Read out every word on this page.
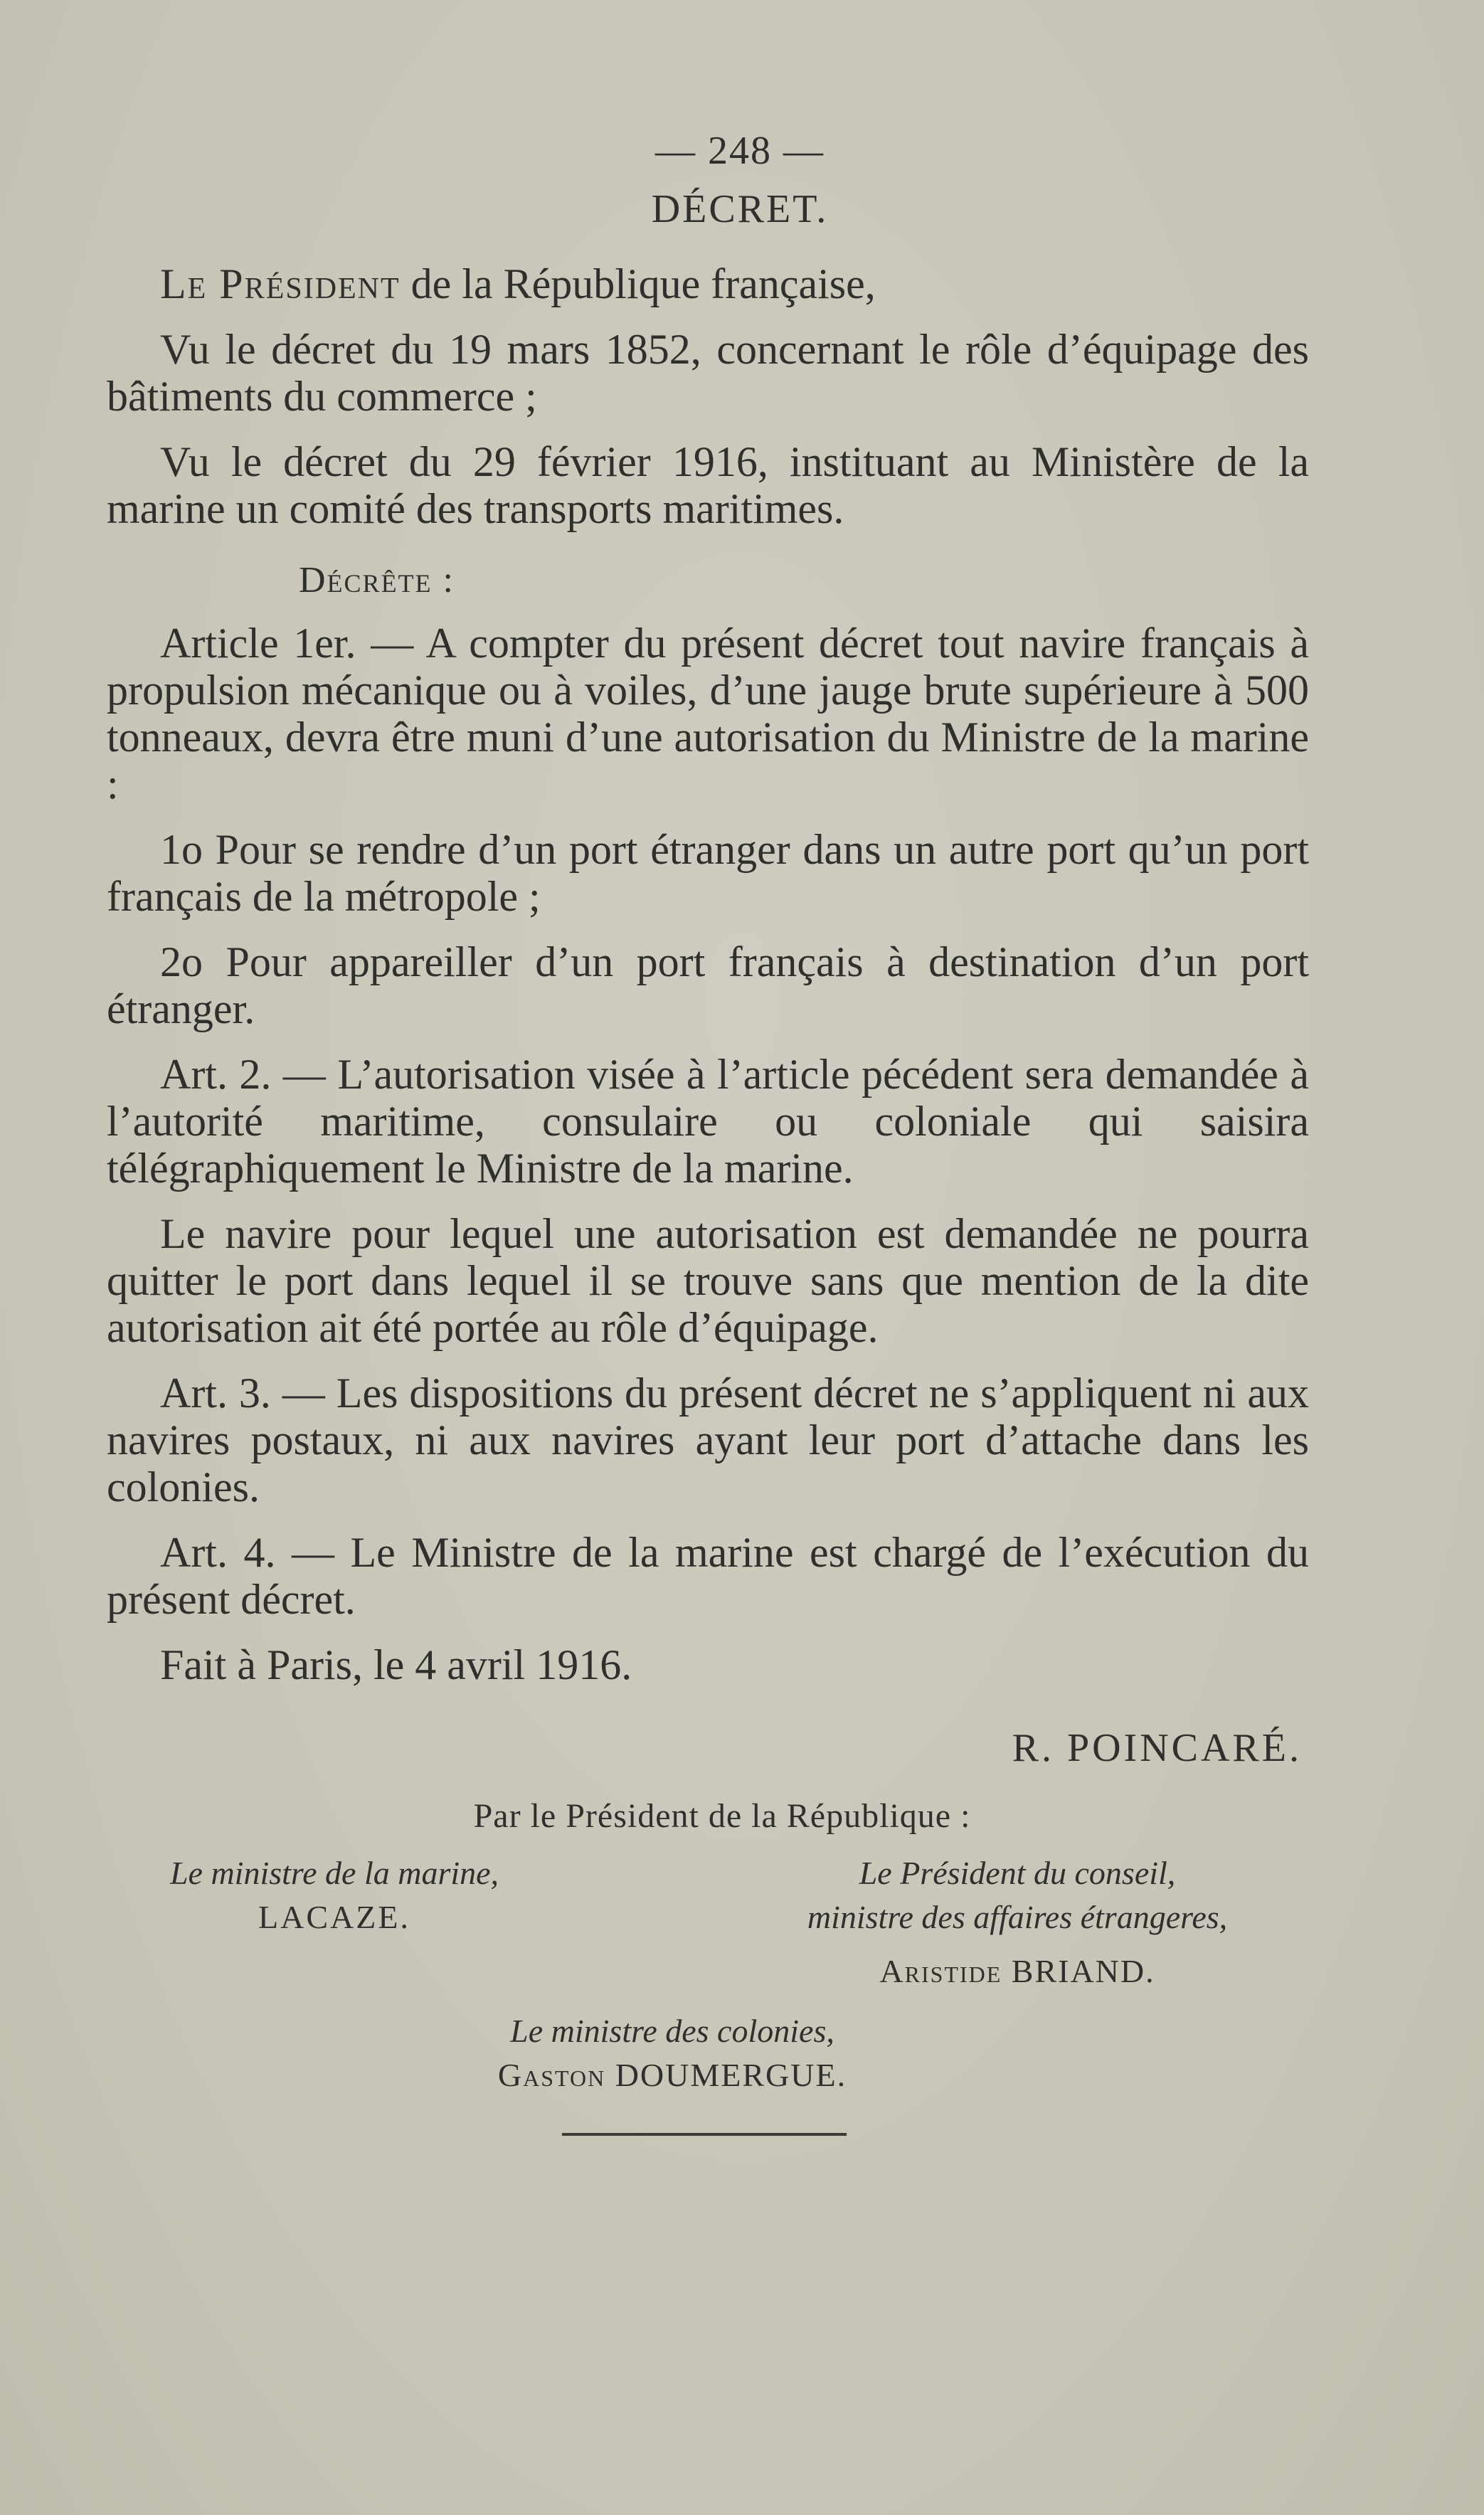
— 248 —
DÉCRET.

Le Président de la République française,

Vu le décret du 19 mars 1852, concernant le rôle d’équipage des bâtiments du commerce ;

Vu le décret du 29 février 1916, instituant au Ministère de la marine un comité des transports maritimes.

Décrête :

Article 1er. — A compter du présent décret tout navire français à propulsion mécanique ou à voiles, d’une jauge brute supérieure à 500 tonneaux, devra être muni d’une autorisation du Ministre de la marine :

1o Pour se rendre d’un port étranger dans un autre port qu’un port français de la métropole ;

2o Pour appareiller d’un port français à destination d’un port étranger.

Art. 2. — L’autorisation visée à l’article pécédent sera demandée à l’autorité maritime, consulaire ou coloniale qui saisira télégraphiquement le Ministre de la marine.

Le navire pour lequel une autorisation est demandée ne pourra quitter le port dans lequel il se trouve sans que mention de la dite autorisation ait été portée au rôle d’équipage.

Art. 3. — Les dispositions du présent décret ne s’appliquent ni aux navires postaux, ni aux navires ayant leur port d’attache dans les colonies.

Art. 4. — Le Ministre de la marine est chargé de l’exécution du présent décret.

Fait à Paris, le 4 avril 1916.

R. POINCARÉ.
Par le Président de la République :
Le ministre de la marine,
LACAZE.
Le Président du conseil,
ministre des affaires étrangeres,
Aristide BRIAND.
Le ministre des colonies,
Gaston DOUMERGUE.
